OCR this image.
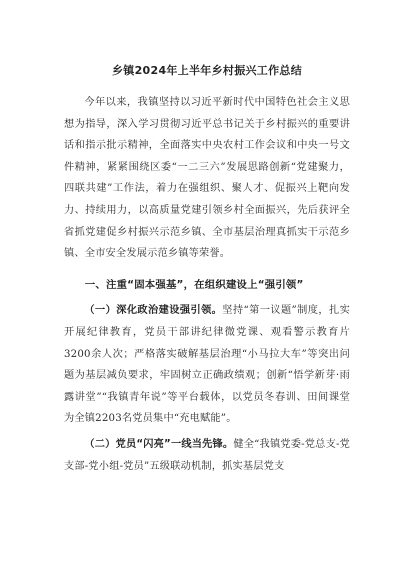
乡镇2024年上半年乡村振兴工作总结

今年以来，我镇坚持以习近平新时代中国特色社会主义思想为指导，深入学习贯彻习近平总书记关于乡村振兴的重要讲话和指示批示精神，全面落实中央农村工作会议和中央一号文件精神，紧紧围绕区委“一二三六”发展思路创新“党建聚力，四联共建”工作法，着力在强组织、聚人才、促振兴上靶向发力、持续用力，以高质量党建引领乡村全面振兴，先后获评全省抓党建促乡村振兴示范乡镇、全市基层治理真抓实干示范乡镇、全市安全发展示范乡镇等荣誉。

一、注重“固本强基”，在组织建设上“强引领”

（一）深化政治建设强引领。坚持“第一议题”制度，扎实开展纪律教育，党员干部讲纪律微党课、观看警示教育片3200余人次；严格落实破解基层治理“小马拉大车”等突出问题为基层减负要求，牢固树立正确政绩观；创新“悟学新芽·雨露讲堂”“我镇青年说”等平台载体，以党员冬春训、田间课堂为全镇2203名党员集中“充电赋能”。

（二）党员“闪亮”一线当先锋。健全“我镇党委-党总支-党支部-党小组-党员”五级联动机制，抓实基层党支
